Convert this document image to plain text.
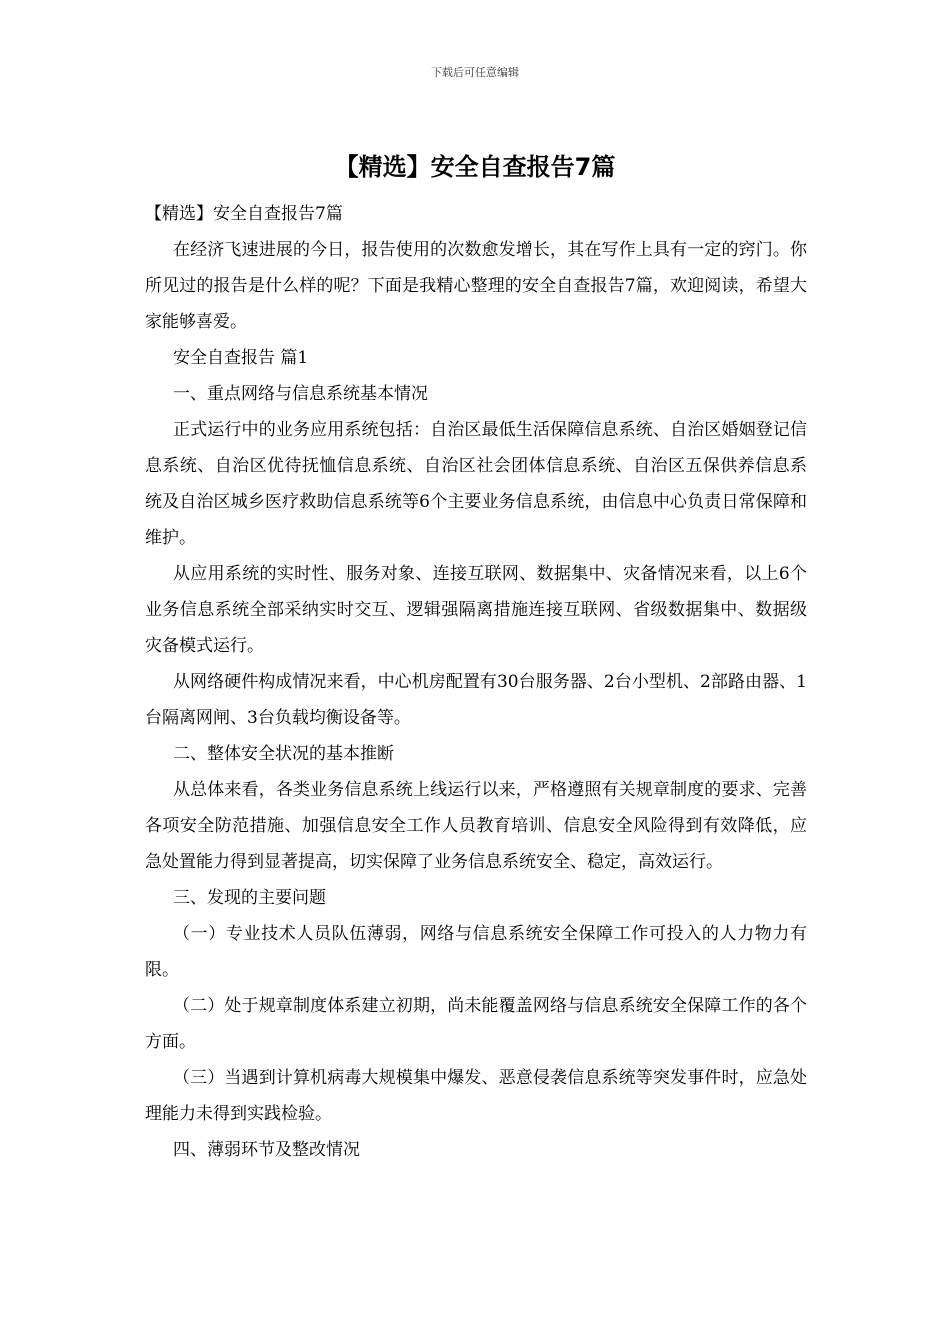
下载后可任意编辑
【精选】安全自查报告7篇

【精选】安全自查报告7篇

在经济飞速进展的今日，报告使用的次数愈发增长，其在写作上具有一定的窍门。你所见过的报告是什么样的呢？下面是我精心整理的安全自查报告7篇，欢迎阅读，希望大家能够喜爱。

安全自查报告 篇1

一、重点网络与信息系统基本情况

正式运行中的业务应用系统包括：自治区最低生活保障信息系统、自治区婚姻登记信息系统、自治区优待抚恤信息系统、自治区社会团体信息系统、自治区五保供养信息系统及自治区城乡医疗救助信息系统等6个主要业务信息系统，由信息中心负责日常保障和维护。

从应用系统的实时性、服务对象、连接互联网、数据集中、灾备情况来看，以上6个业务信息系统全部采纳实时交互、逻辑强隔离措施连接互联网、省级数据集中、数据级灾备模式运行。

从网络硬件构成情况来看，中心机房配置有30台服务器、2台小型机、2部路由器、1台隔离网闸、3台负载均衡设备等。

二、整体安全状况的基本推断

从总体来看，各类业务信息系统上线运行以来，严格遵照有关规章制度的要求、完善各项安全防范措施、加强信息安全工作人员教育培训、信息安全风险得到有效降低，应急处置能力得到显著提高，切实保障了业务信息系统安全、稳定，高效运行。

三、发现的主要问题

（一）专业技术人员队伍薄弱，网络与信息系统安全保障工作可投入的人力物力有限。

（二）处于规章制度体系建立初期，尚未能覆盖网络与信息系统安全保障工作的各个方面。

（三）当遇到计算机病毒大规模集中爆发、恶意侵袭信息系统等突发事件时，应急处理能力未得到实践检验。

四、薄弱环节及整改情况
